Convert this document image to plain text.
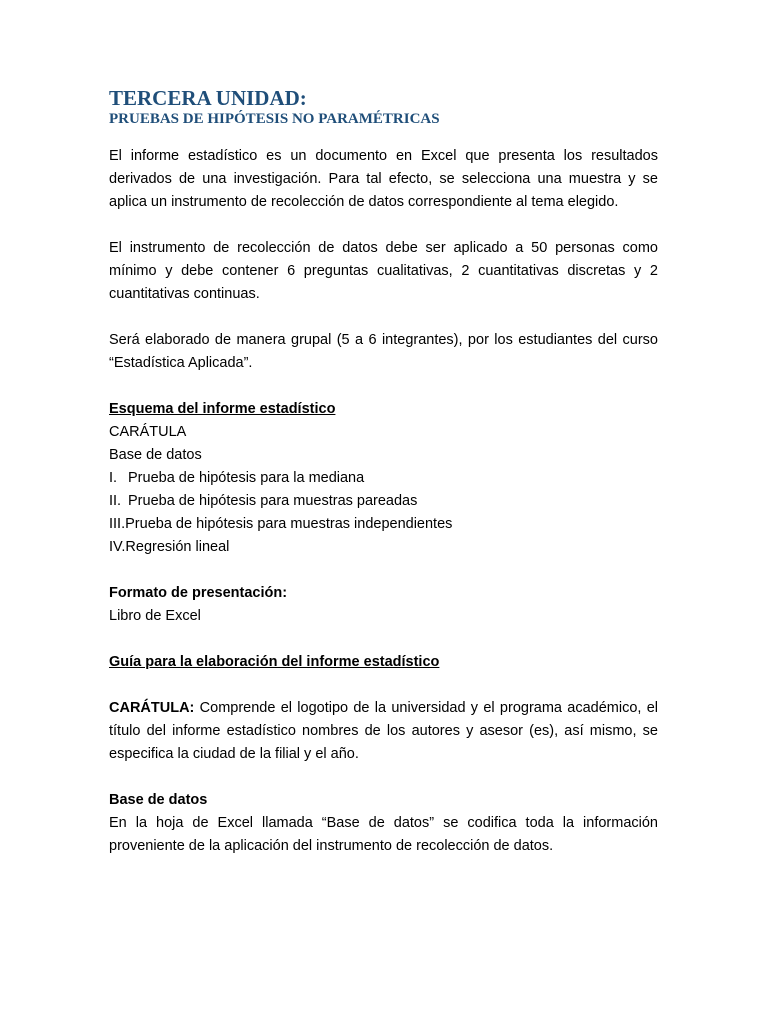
TERCERA UNIDAD:
PRUEBAS DE HIPÓTESIS NO PARAMÉTRICAS

El informe estadístico es un documento en Excel que presenta los resultados derivados de una investigación. Para tal efecto, se selecciona una muestra y se aplica un instrumento de recolección de datos correspondiente al tema elegido.

El instrumento de recolección de datos debe ser aplicado a 50 personas como mínimo y debe contener 6 preguntas cualitativas, 2 cuantitativas discretas y 2 cuantitativas continuas.

Será elaborado de manera grupal (5 a 6 integrantes), por los estudiantes del curso “Estadística Aplicada”.

Esquema del informe estadístico

CARÁTULA

Base de datos

I. Prueba de hipótesis para la mediana
II. Prueba de hipótesis para muestras pareadas
III. Prueba de hipótesis para muestras independientes
IV. Regresión lineal

Formato de presentación:

Libro de Excel

Guía para la elaboración del informe estadístico

CARÁTULA: Comprende el logotipo de la universidad y el programa académico, el título del informe estadístico nombres de los autores y asesor (es), así mismo, se especifica la ciudad de la filial y el año.

Base de datos

En la hoja de Excel llamada “Base de datos” se codifica toda la información proveniente de la aplicación del instrumento de recolección de datos.
